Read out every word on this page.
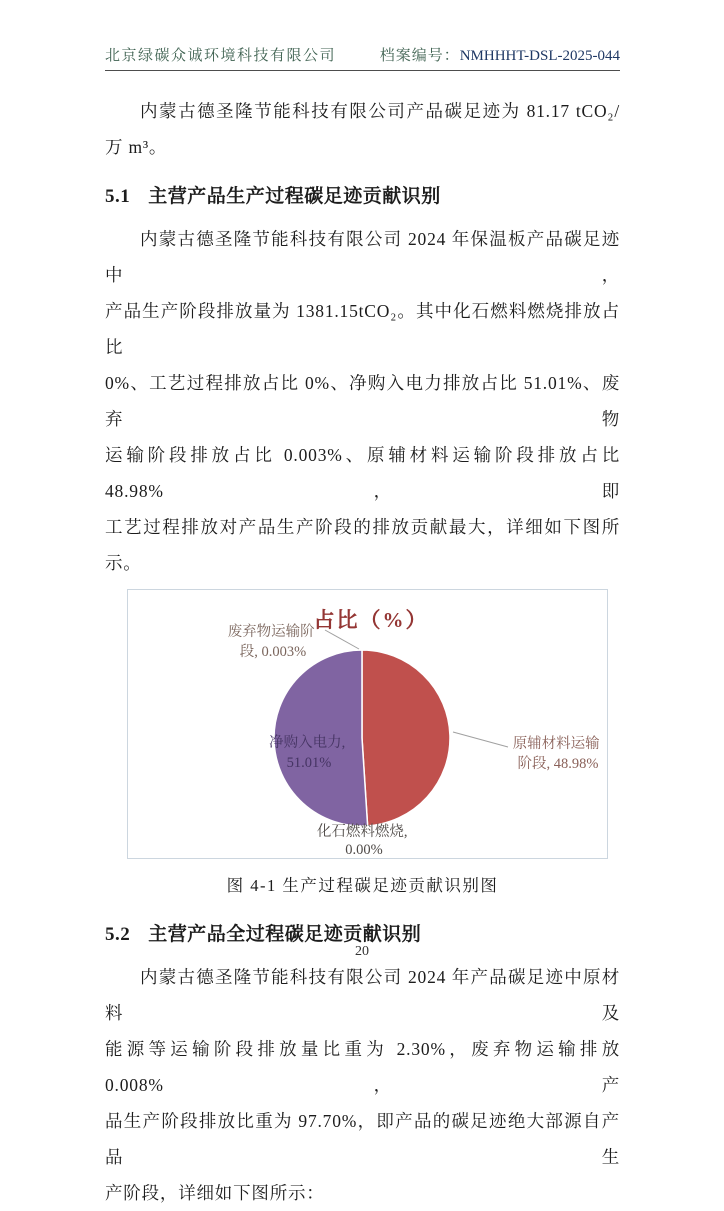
北京绿碳众诚环境科技有限公司	档案编号：NMHHHT-DSL-2025-044
内蒙古德圣隆节能科技有限公司产品碳足迹为 81.17 tCO₂/万 m³。
5.1 主营产品生产过程碳足迹贡献识别
内蒙古德圣隆节能科技有限公司 2024 年保温板产品碳足迹中，
产品生产阶段排放量为 1381.15tCO₂。其中化石燃料燃烧排放占比
0%、工艺过程排放占比 0%、净购入电力排放占比 51.01%、废弃物
运输阶段排放占比 0.003%、原辅材料运输阶段排放占比 48.98%，即
工艺过程排放对产品生产阶段的排放贡献最大，详细如下图所示。
占比（%）
废弃物运输阶 段, 0.003%
原辅材料运输 阶段, 48.98%
净购入电力, 51.01%
化石燃料燃烧, 0.00%
图 4-1 生产过程碳足迹贡献识别图
5.2 主营产品全过程碳足迹贡献识别
内蒙古德圣隆节能科技有限公司 2024 年产品碳足迹中原材料及
能源等运输阶段排放量比重为 2.30%，废弃物运输排放 0.008%，产
品生产阶段排放比重为 97.70%，即产品的碳足迹绝大部源自产品生
产阶段，详细如下图所示：
20
